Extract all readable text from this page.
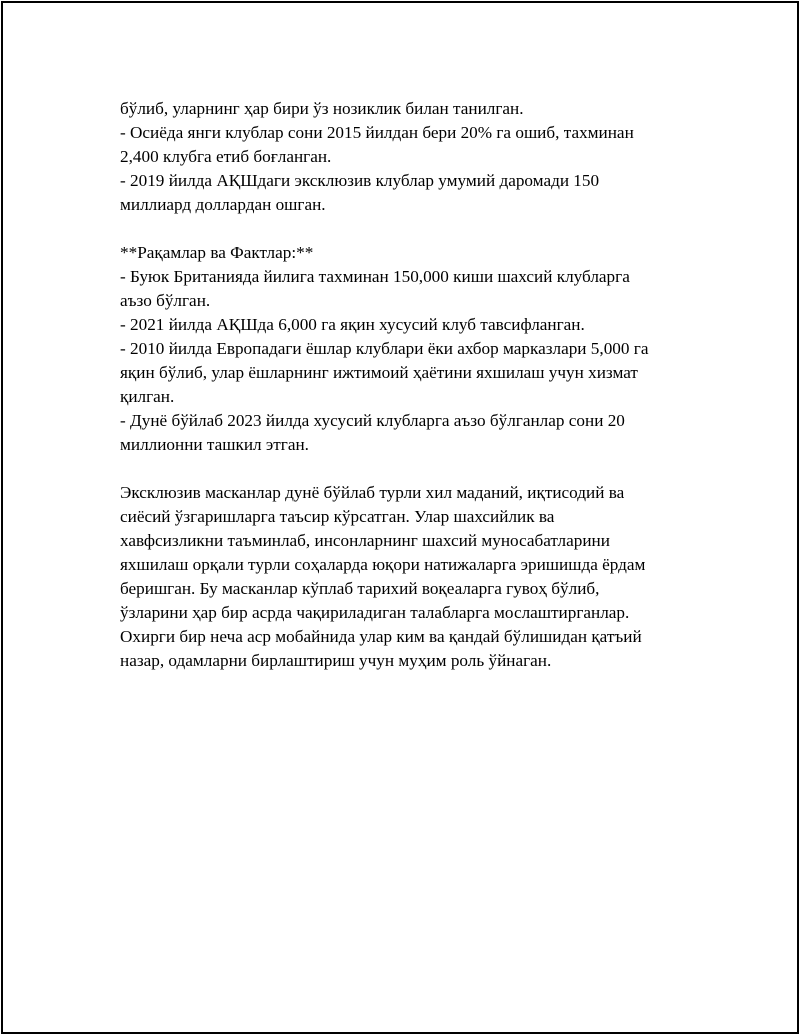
бўлиб, уларнинг ҳар бири ўз нозиклик билан танилган.
- Осиёда янги клублар сони 2015 йилдан бери 20% га ошиб, тахминан
2,400 клубга етиб боғланган.
- 2019 йилда АҚШдаги эксклюзив клублар умумий даромади 150
миллиард доллардан ошган.
**Рақамлар ва Фактлар:**
- Буюк Британияда йилига тахминан 150,000 киши шахсий клубларга
аъзо бўлган.
- 2021 йилда АҚШда 6,000 га яқин хусусий клуб тавсифланган.
- 2010 йилда Европадаги ёшлар клублари ёки ахбор марказлари 5,000 га
яқин бўлиб, улар ёшларнинг ижтимоий ҳаётини яхшилаш учун хизмат
қилган.
- Дунё бўйлаб 2023 йилда хусусий клубларга аъзо бўлганлар сони 20
миллионни ташкил этган.
Эксклюзив масканлар дунё бўйлаб турли хил маданий, иқтисодий ва
сиёсий ўзгаришларга таъсир кўрсатган. Улар шахсийлик ва
хавфсизликни таъминлаб, инсонларнинг шахсий муносабатларини
яхшилаш орқали турли соҳаларда юқори натижаларга эришишда ёрдам
беришган. Бу масканлар кўплаб тарихий воқеаларга гувоҳ бўлиб,
ўзларини ҳар бир асрда чақириладиган талабларга мослаштирганлар.
Охирги бир неча аср мобайнида улар ким ва қандай бўлишидан қатъий
назар, одамларни бирлаштириш учун муҳим роль ўйнаган.
